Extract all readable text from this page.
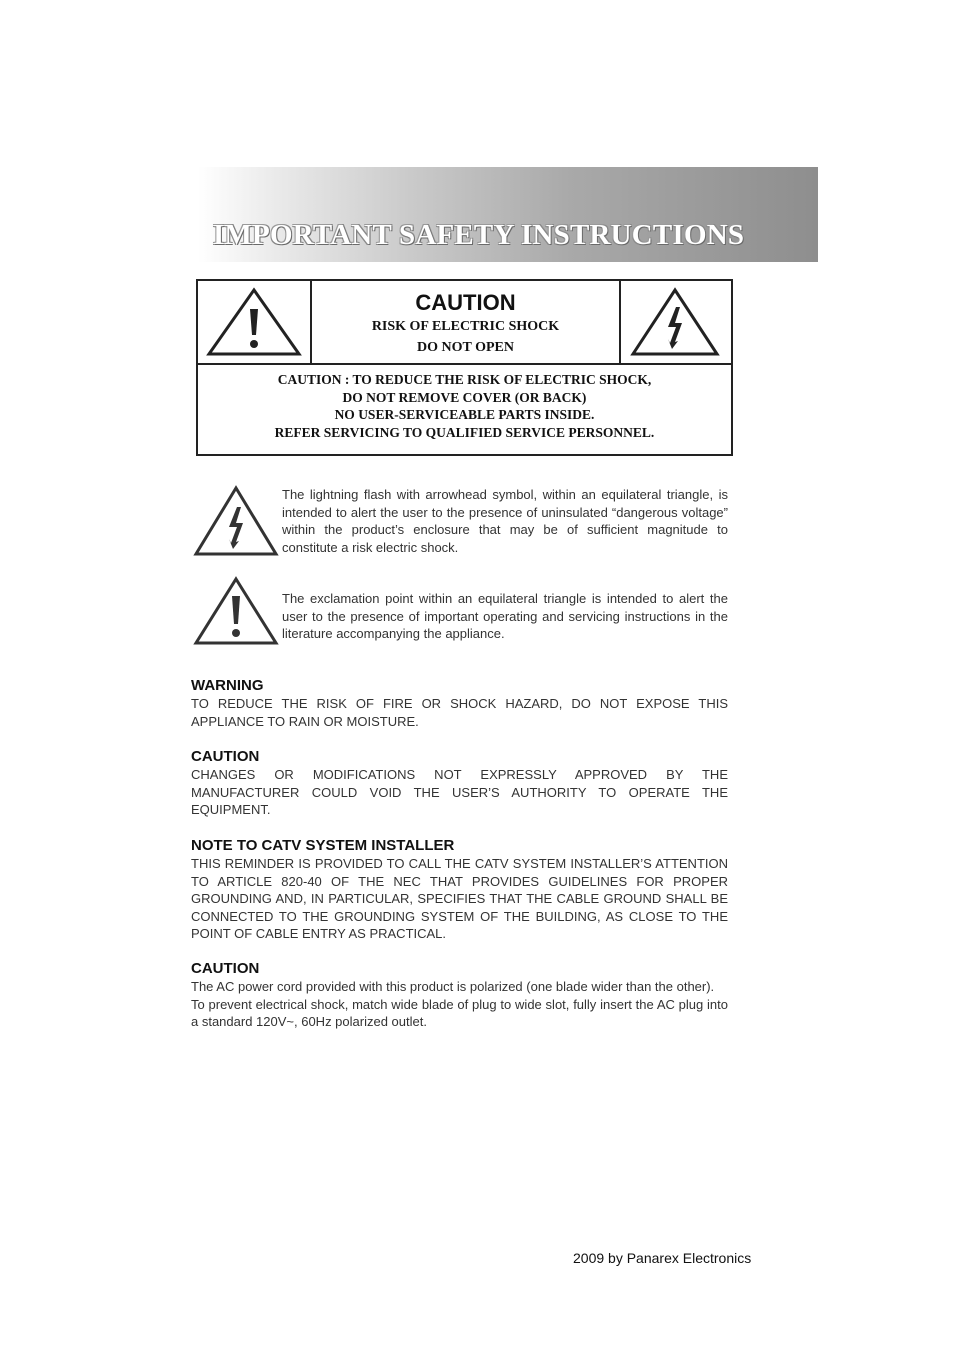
IMPORTANT SAFETY INSTRUCTIONS
CAUTION
RISK OF ELECTRIC SHOCK
DO NOT OPEN
CAUTION : TO REDUCE THE RISK OF ELECTRIC SHOCK,
DO NOT REMOVE COVER (OR BACK)
NO USER-SERVICEABLE PARTS INSIDE.
REFER SERVICING TO QUALIFIED SERVICE PERSONNEL.
The lightning flash with arrowhead symbol, within an equilateral triangle, is intended to alert the user to the presence of uninsulated “dangerous voltage” within the product’s enclosure that may be of sufficient magnitude to constitute a risk electric shock.
The exclamation point within an equilateral triangle is intended to alert the user to the presence of important operating and servicing instructions in the literature accompanying the appliance.

WARNING

TO REDUCE THE RISK OF FIRE OR SHOCK HAZARD, DO NOT EXPOSE THIS APPLIANCE TO RAIN OR MOISTURE.

CAUTION

CHANGES OR MODIFICATIONS NOT EXPRESSLY APPROVED BY THE MANUFACTURER COULD VOID THE USER’S AUTHORITY TO OPERATE THE EQUIPMENT.

NOTE TO CATV SYSTEM INSTALLER

THIS REMINDER IS PROVIDED TO CALL THE CATV SYSTEM INSTALLER’S ATTENTION TO ARTICLE 820-40 OF THE NEC THAT PROVIDES GUIDELINES FOR PROPER GROUNDING AND, IN PARTICULAR, SPECIFIES THAT THE CABLE GROUND SHALL BE CONNECTED TO THE GROUNDING SYSTEM OF THE BUILDING, AS CLOSE TO THE POINT OF CABLE ENTRY AS PRACTICAL.

CAUTION

The AC power cord provided with this product is polarized (one blade wider than the other).

To prevent electrical shock, match wide blade of plug to wide slot, fully insert the AC plug into a standard 120V~, 60Hz polarized outlet.

2009 by Panarex Electronics
